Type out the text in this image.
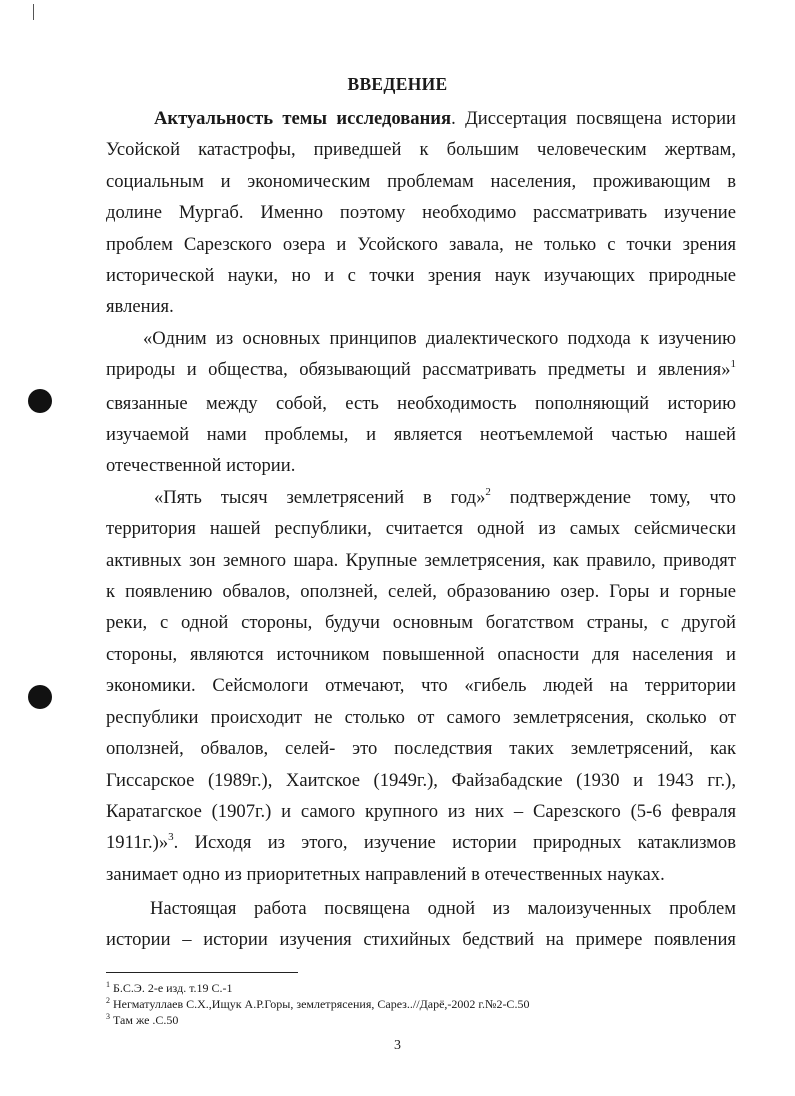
ВВЕДЕНИЕ
Актуальность темы исследования. Диссертация посвящена истории
Усойской катастрофы, приведшей к большим человеческим жертвам,
социальным и экономическим проблемам населения, проживающим в
долине Мургаб. Именно поэтому необходимо рассматривать изучение
проблем Сарезского озера и Усойского завала, не только с точки зрения
исторической науки, но и с точки зрения наук изучающих природные
явления.
«Одним из основных принципов диалектического подхода к изучению
природы и общества, обязывающий рассматривать предметы и явления»$^1$
связанные между собой, есть необходимость пополняющий историю
изучаемой нами проблемы, и является неотъемлемой частью нашей
отечественной истории.
«Пять тысяч землетрясений в год»$^2$ подтверждение тому, что
территория нашей республики, считается одной из самых сейсмически
активных зон земного шара. Крупные землетрясения, как правило, приводят
к появлению обвалов, оползней, селей, образованию озер. Горы и горные
реки, с одной стороны, будучи основным богатством страны, с другой
стороны, являются источником повышенной опасности для населения и
экономики. Сейсмологи отмечают, что «гибель людей на территории
республики происходит не столько от самого землетрясения, сколько от
оползней, обвалов, селей- это последствия таких землетрясений, как
Гиссарское (1989г.), Хаитское (1949г.), Файзабадские (1930 и 1943 гг.),
Каратагское (1907г.) и самого крупного из них – Сарезского (5-6 февраля
1911г.)»$^3$. Исходя из этого, изучение истории природных катаклизмов
занимает одно из приоритетных направлений в отечественных науках.
Настоящая работа посвящена одной из малоизученных проблем
истории – истории изучения стихийных бедствий на примере появления
$^1$ Б.С.Э. 2-е изд. т.19 С.-1
$^2$ Негматуллаев С.Х.,Ищук А.Р.Горы, землетрясения, Сарез..//Дарё,-2002 г.№2-С.50
$^3$ Там же .С.50
3
